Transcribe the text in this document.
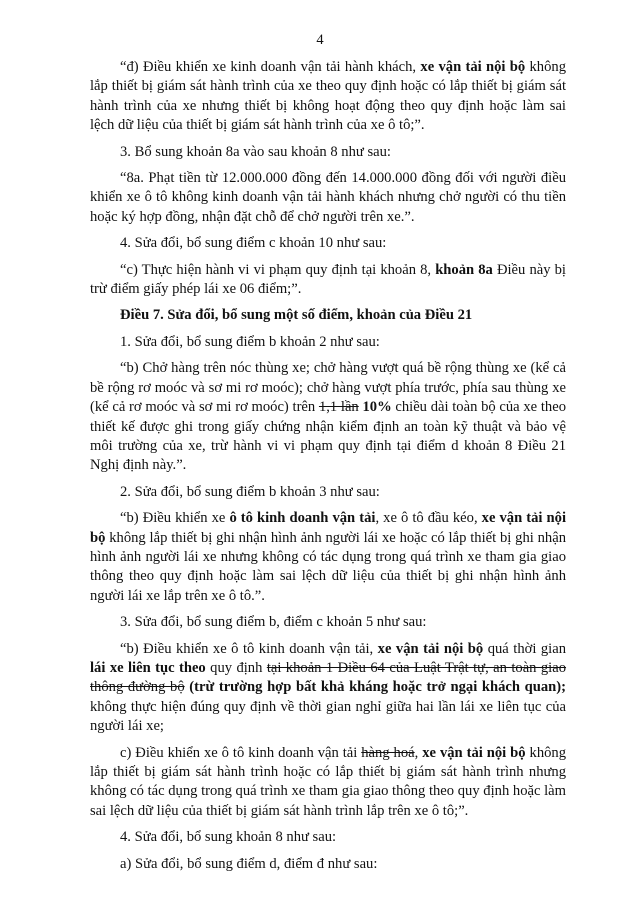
4

“đ) Điều khiển xe kinh doanh vận tải hành khách, xe vận tải nội bộ không lắp thiết bị giám sát hành trình của xe theo quy định hoặc có lắp thiết bị giám sát hành trình của xe nhưng thiết bị không hoạt động theo quy định hoặc làm sai lệch dữ liệu của thiết bị giám sát hành trình của xe ô tô;”.

3. Bổ sung khoản 8a vào sau khoản 8 như sau:

“8a. Phạt tiền từ 12.000.000 đồng đến 14.000.000 đồng đối với người điều khiển xe ô tô không kinh doanh vận tải hành khách nhưng chở người có thu tiền hoặc ký hợp đồng, nhận đặt chỗ để chở người trên xe.”.

4. Sửa đổi, bổ sung điểm c khoản 10 như sau:

“c) Thực hiện hành vi vi phạm quy định tại khoản 8, khoản 8a Điều này bị trừ điểm giấy phép lái xe 06 điểm;”.

Điều 7. Sửa đổi, bổ sung một số điểm, khoản của Điều 21

1. Sửa đổi, bổ sung điểm b khoản 2 như sau:

“b) Chở hàng trên nóc thùng xe; chở hàng vượt quá bề rộng thùng xe (kể cả bề rộng rơ moóc và sơ mi rơ moóc); chở hàng vượt phía trước, phía sau thùng xe (kể cả rơ moóc và sơ mi rơ moóc) trên 1,1 lần 10% chiều dài toàn bộ của xe theo thiết kế được ghi trong giấy chứng nhận kiểm định an toàn kỹ thuật và bảo vệ môi trường của xe, trừ hành vi vi phạm quy định tại điểm d khoản 8 Điều 21 Nghị định này.”.

2. Sửa đổi, bổ sung điểm b khoản 3 như sau:

“b) Điều khiển xe ô tô kinh doanh vận tải, xe ô tô đầu kéo, xe vận tải nội bộ không lắp thiết bị ghi nhận hình ảnh người lái xe hoặc có lắp thiết bị ghi nhận hình ảnh người lái xe nhưng không có tác dụng trong quá trình xe tham gia giao thông theo quy định hoặc làm sai lệch dữ liệu của thiết bị ghi nhận hình ảnh người lái xe lắp trên xe ô tô.”.

3. Sửa đổi, bổ sung điểm b, điểm c khoản 5 như sau:

“b) Điều khiển xe ô tô kinh doanh vận tải, xe vận tải nội bộ quá thời gian lái xe liên tục theo quy định tại khoản 1 Điều 64 của Luật Trật tự, an toàn giao thông đường bộ (trừ trường hợp bất khả kháng hoặc trở ngại khách quan); không thực hiện đúng quy định về thời gian nghỉ giữa hai lần lái xe liên tục của người lái xe;

c) Điều khiển xe ô tô kinh doanh vận tải hàng hoá, xe vận tải nội bộ không lắp thiết bị giám sát hành trình hoặc có lắp thiết bị giám sát hành trình nhưng không có tác dụng trong quá trình xe tham gia giao thông theo quy định hoặc làm sai lệch dữ liệu của thiết bị giám sát hành trình lắp trên xe ô tô;”.

4. Sửa đổi, bổ sung khoản 8 như sau:

a) Sửa đổi, bổ sung điểm d, điểm đ như sau:
